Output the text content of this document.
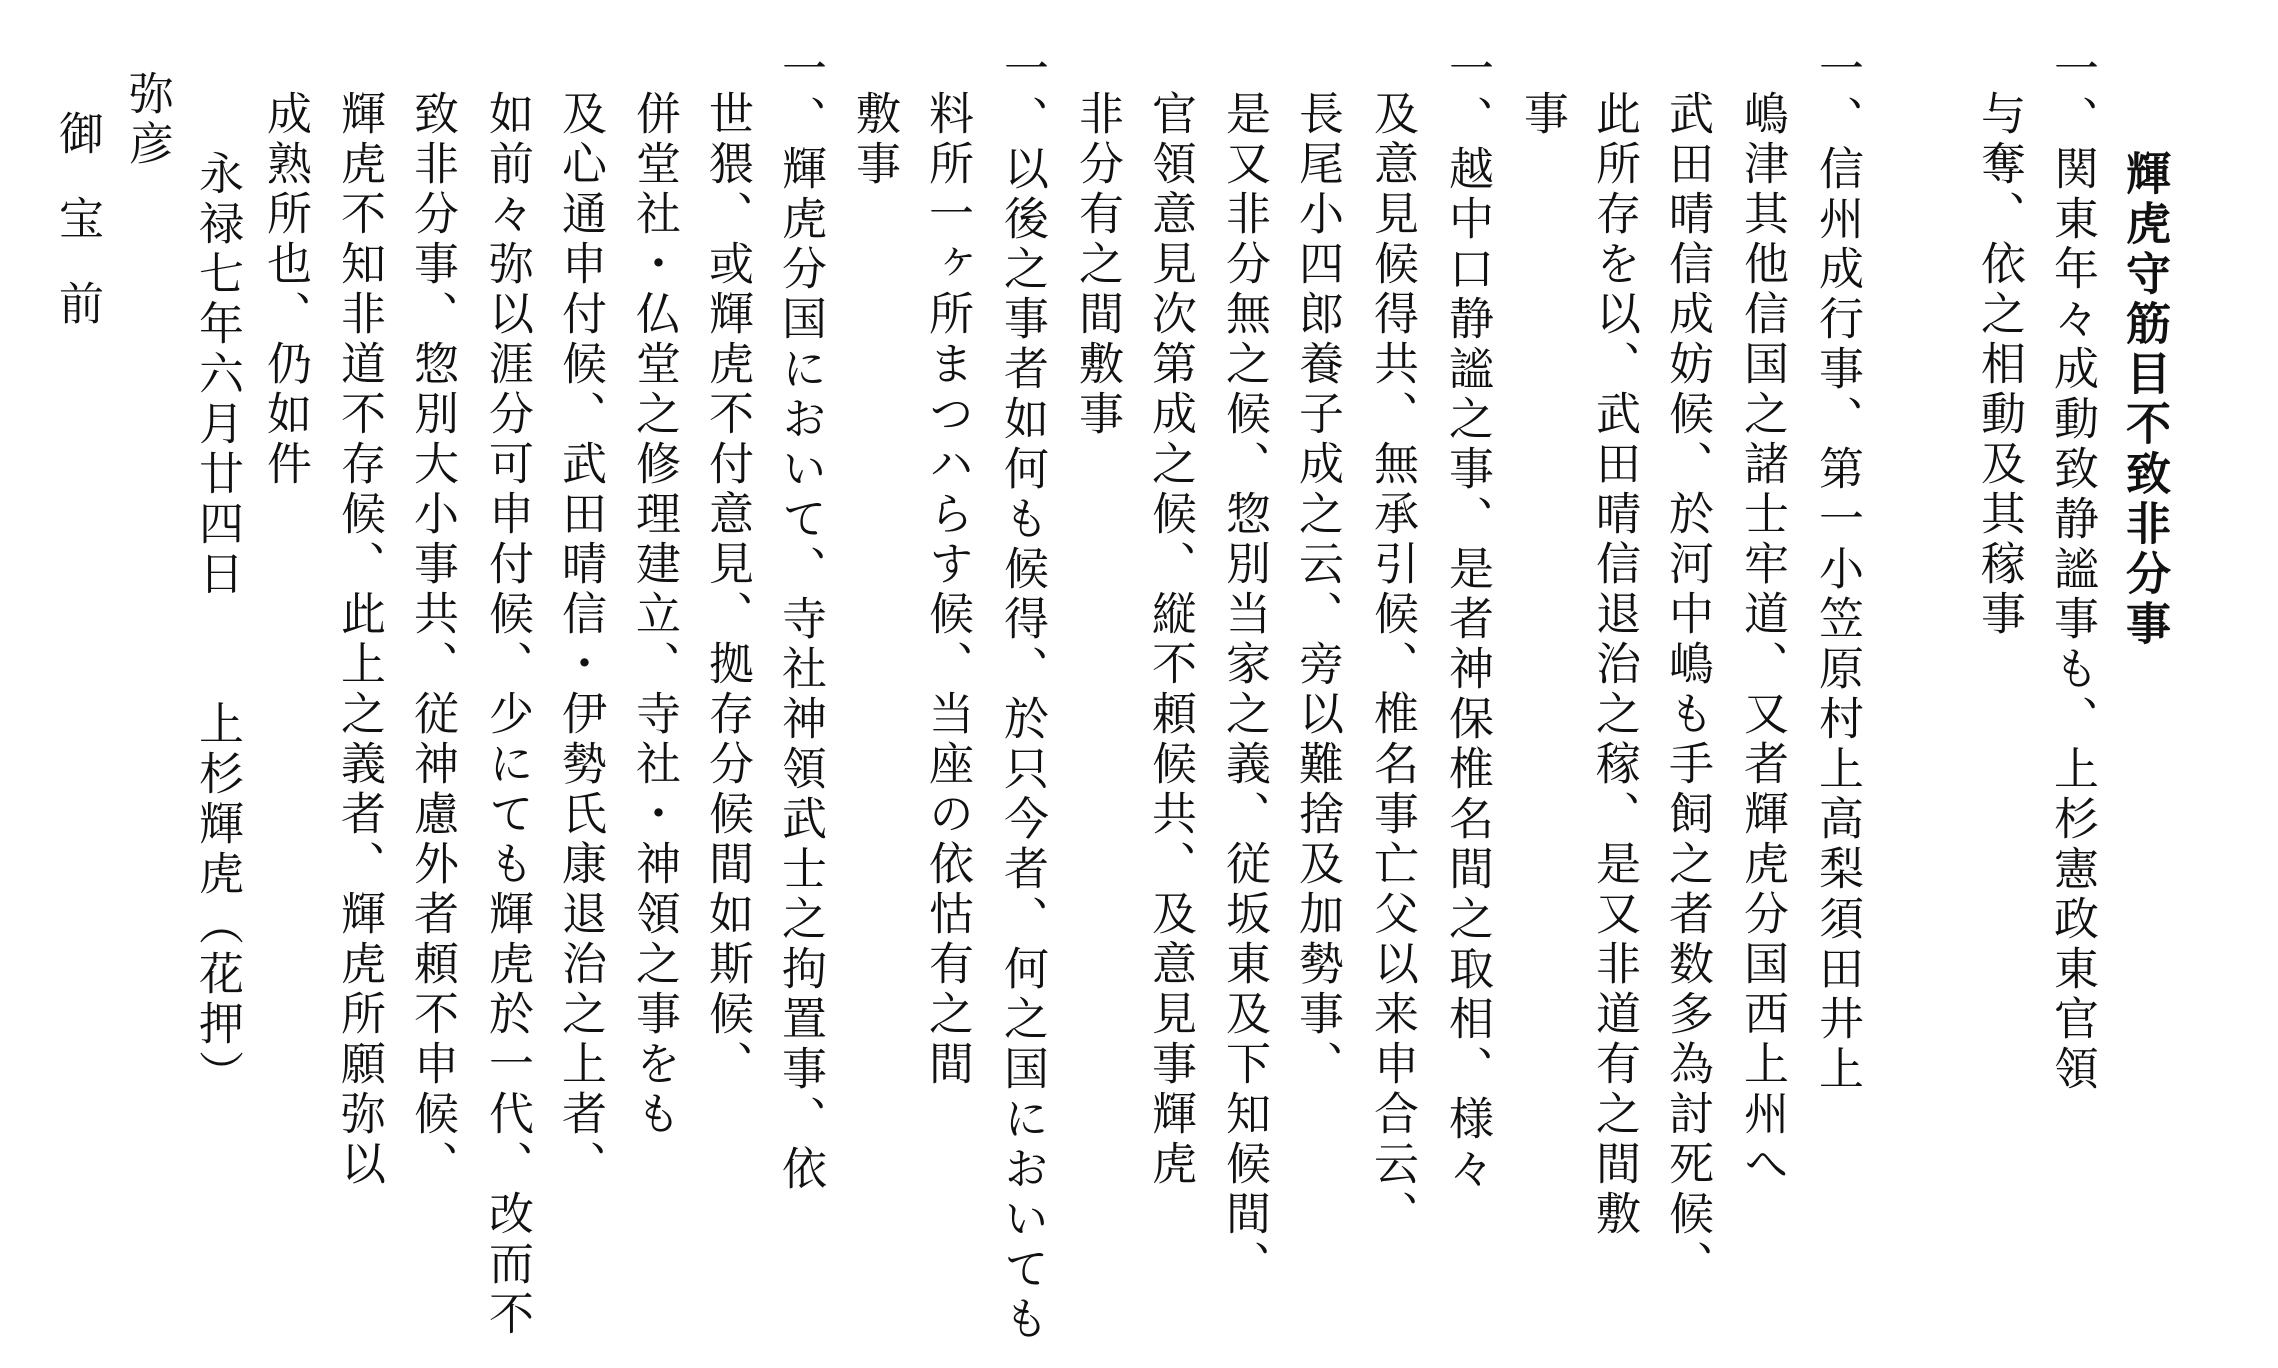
輝虎守筋目不致非分事
一、関東年々成動致静謐事も、上杉憲政東官領
与奪、依之相動及其稼事
一、信州成行事、第一小笠原村上高梨須田井上
嶋津其他信国之諸士牢道、又者輝虎分国西上州へ
武田晴信成妨候、於河中嶋も手飼之者数多為討死候、
此所存を以、武田晴信退治之稼、是又非道有之間敷
事
一、越中口静謐之事、是者神保椎名間之取相、様々
及意見候得共、無承引候、椎名事亡父以来申合云、
長尾小四郎養子成之云、旁以難捨及加勢事、
是又非分無之候、惣別当家之義、従坂東及下知候間、
官領意見次第成之候、縦不頼候共、及意見事輝虎
非分有之間敷事
一、以後之事者如何も候得、於只今者、何之国においても
料所一ヶ所まつハらす候、当座の依怙有之間
敷事
一、輝虎分国において、寺社神領武士之拘置事、依
世猥、或輝虎不付意見、拠存分候間如斯候、
併堂社・仏堂之修理建立、寺社・神領之事をも
及心通申付候、武田晴信・伊勢氏康退治之上者、
如前々弥以涯分可申付候、少にても輝虎於一代、改而不
致非分事、惣別大小事共、従神慮外者頼不申候、
輝虎不知非道不存候、此上之義者、輝虎所願弥以
成熟所也、仍如件
永禄七年六月廿四日
上杉輝虎（花押）
弥彦
御宝前
